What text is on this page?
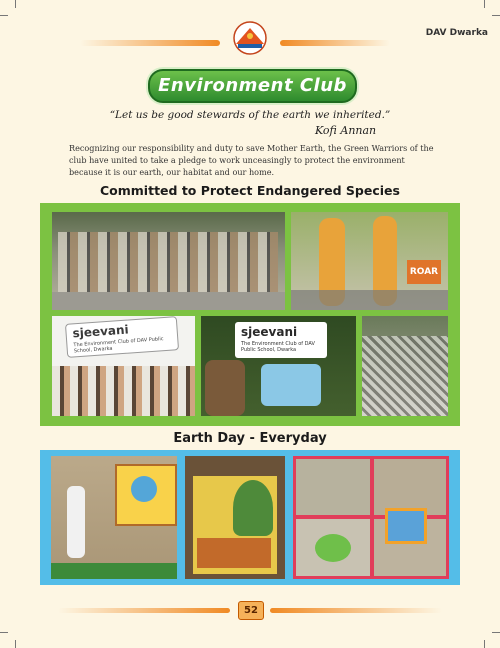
DAV Dwarka
Environment Club
“Let us be good stewards of the earth we inherited.”
Kofi Annan
Recognizing our responsibility and duty to save Mother Earth, the Green Warriors of the club have united to take a pledge to work unceasingly to protect the environment because it is our earth, our habitat and our home.
Committed to Protect Endangered Species
ROAR
sjeevani
The Environment Club of DAV Public School, Dwarka
sjeevani
The Environment Club of DAV Public School, Dwarka
Earth Day - Everyday
52
